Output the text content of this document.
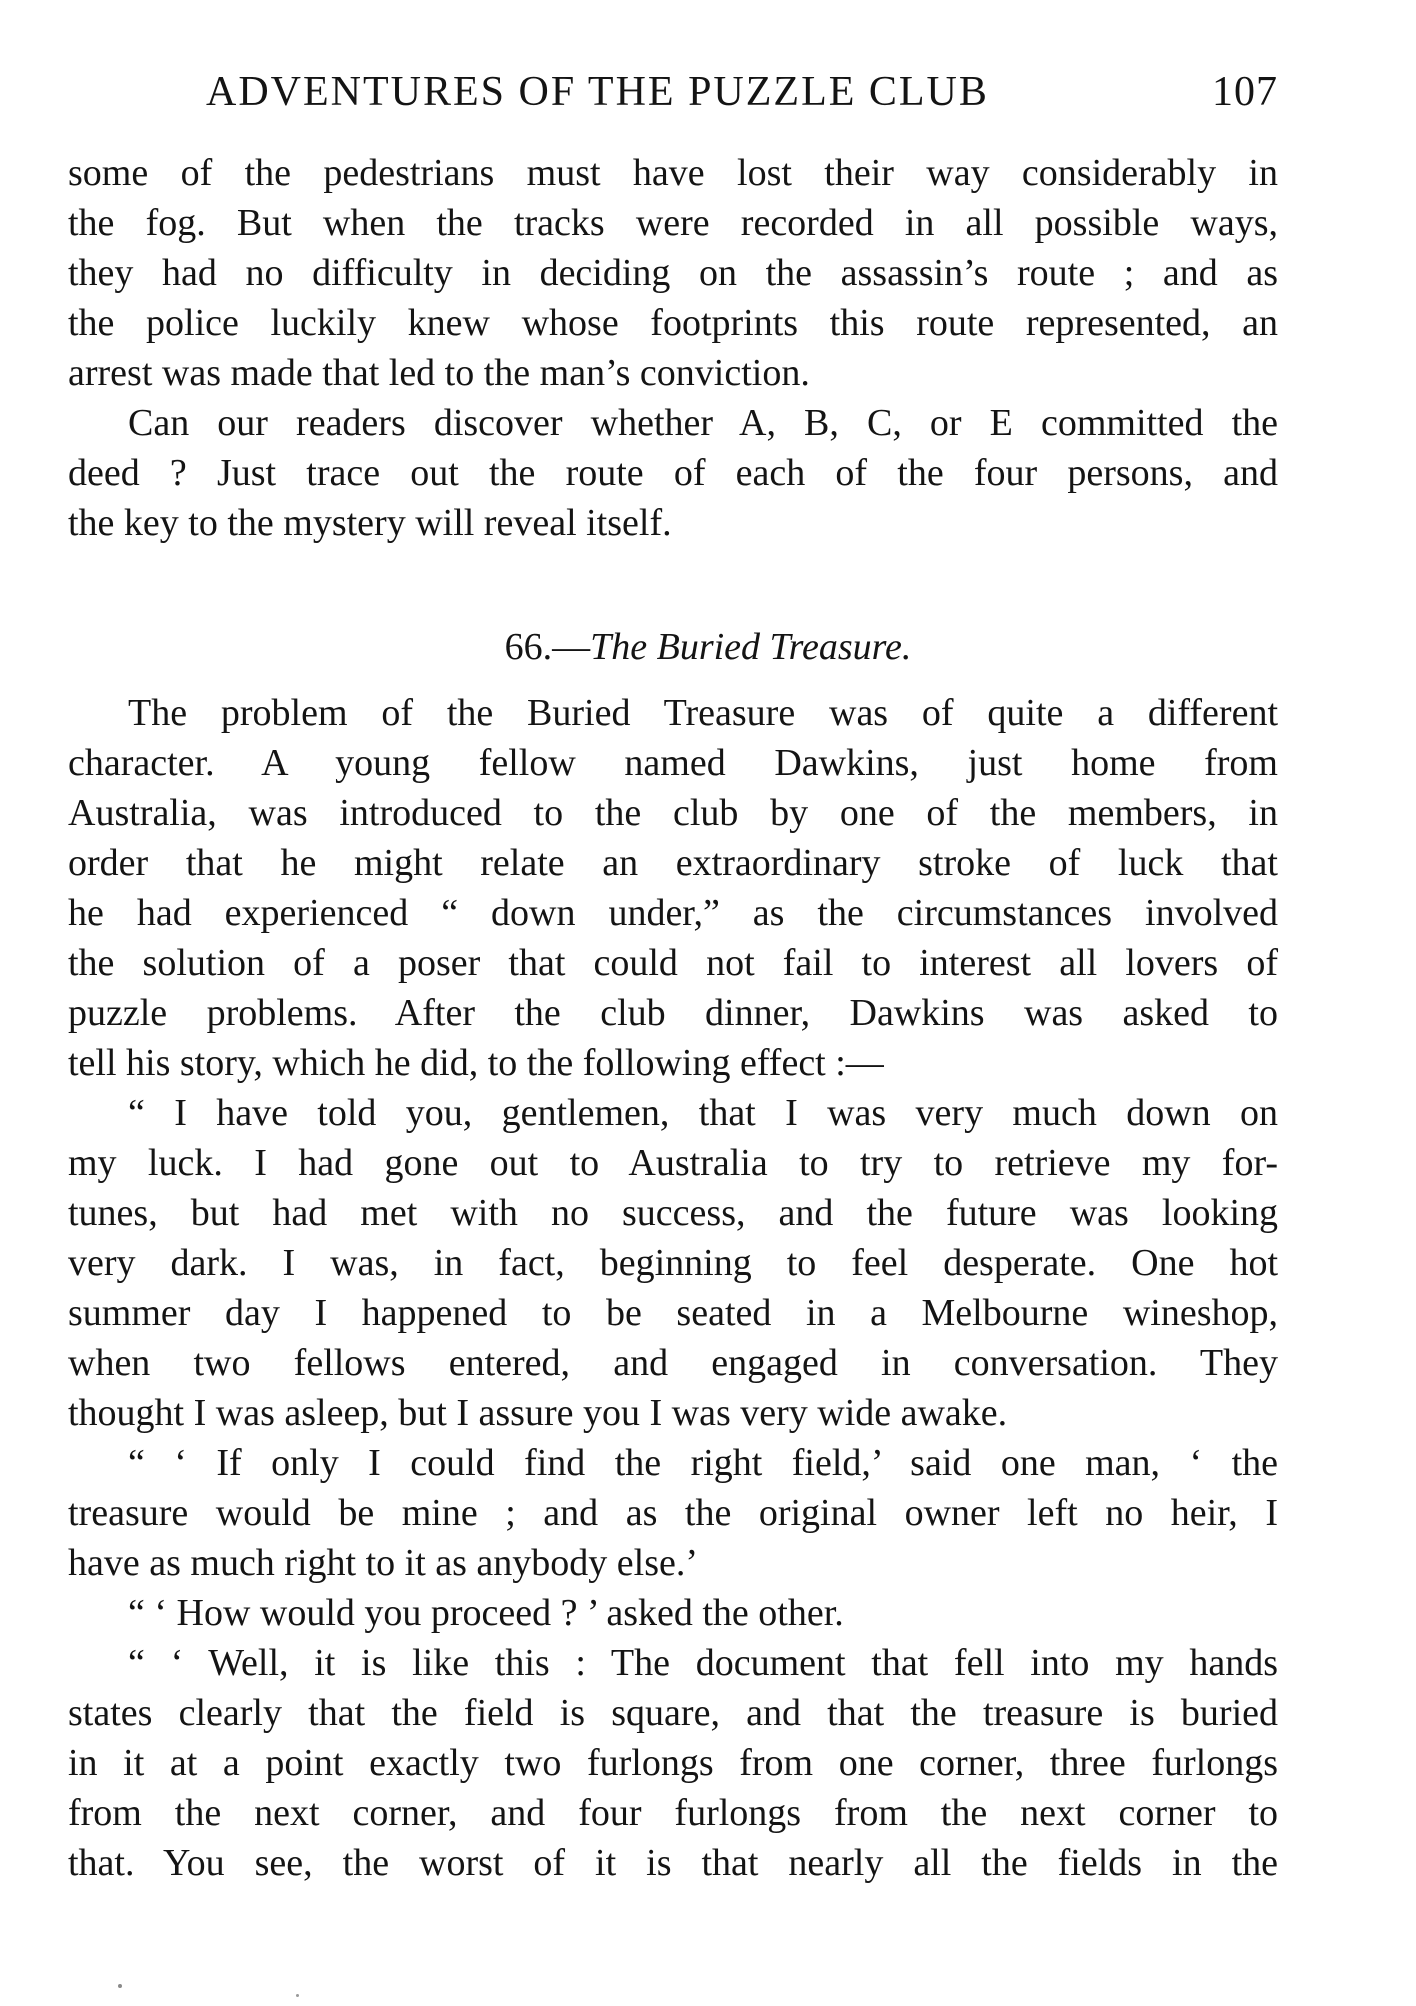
ADVENTURES OF THE PUZZLE CLUB	107
some of the pedestrians must have lost their way considerably in
the fog. But when the tracks were recorded in all possible ways,
they had no difficulty in deciding on the assassin’s route ; and as
the police luckily knew whose footprints this route represented, an
arrest was made that led to the man’s conviction.
Can our readers discover whether A, B, C, or E committed the
deed ? Just trace out the route of each of the four persons, and
the key to the mystery will reveal itself.
66.—The Buried Treasure.
The problem of the Buried Treasure was of quite a different
character. A young fellow named Dawkins, just home from
Australia, was introduced to the club by one of the members, in
order that he might relate an extraordinary stroke of luck that
he had experienced “ down under,” as the circumstances involved
the solution of a poser that could not fail to interest all lovers of
puzzle problems. After the club dinner, Dawkins was asked to
tell his story, which he did, to the following effect :—
“ I have told you, gentlemen, that I was very much down on
my luck. I had gone out to Australia to try to retrieve my for-
tunes, but had met with no success, and the future was looking
very dark. I was, in fact, beginning to feel desperate. One hot
summer day I happened to be seated in a Melbourne wineshop,
when two fellows entered, and engaged in conversation. They
thought I was asleep, but I assure you I was very wide awake.
“ ‘ If only I could find the right field,’ said one man, ‘ the
treasure would be mine ; and as the original owner left no heir, I
have as much right to it as anybody else.’
“ ‘ How would you proceed ? ’ asked the other.
“ ‘ Well, it is like this : The document that fell into my hands
states clearly that the field is square, and that the treasure is buried
in it at a point exactly two furlongs from one corner, three furlongs
from the next corner, and four furlongs from the next corner to
that. You see, the worst of it is that nearly all the fields in the
